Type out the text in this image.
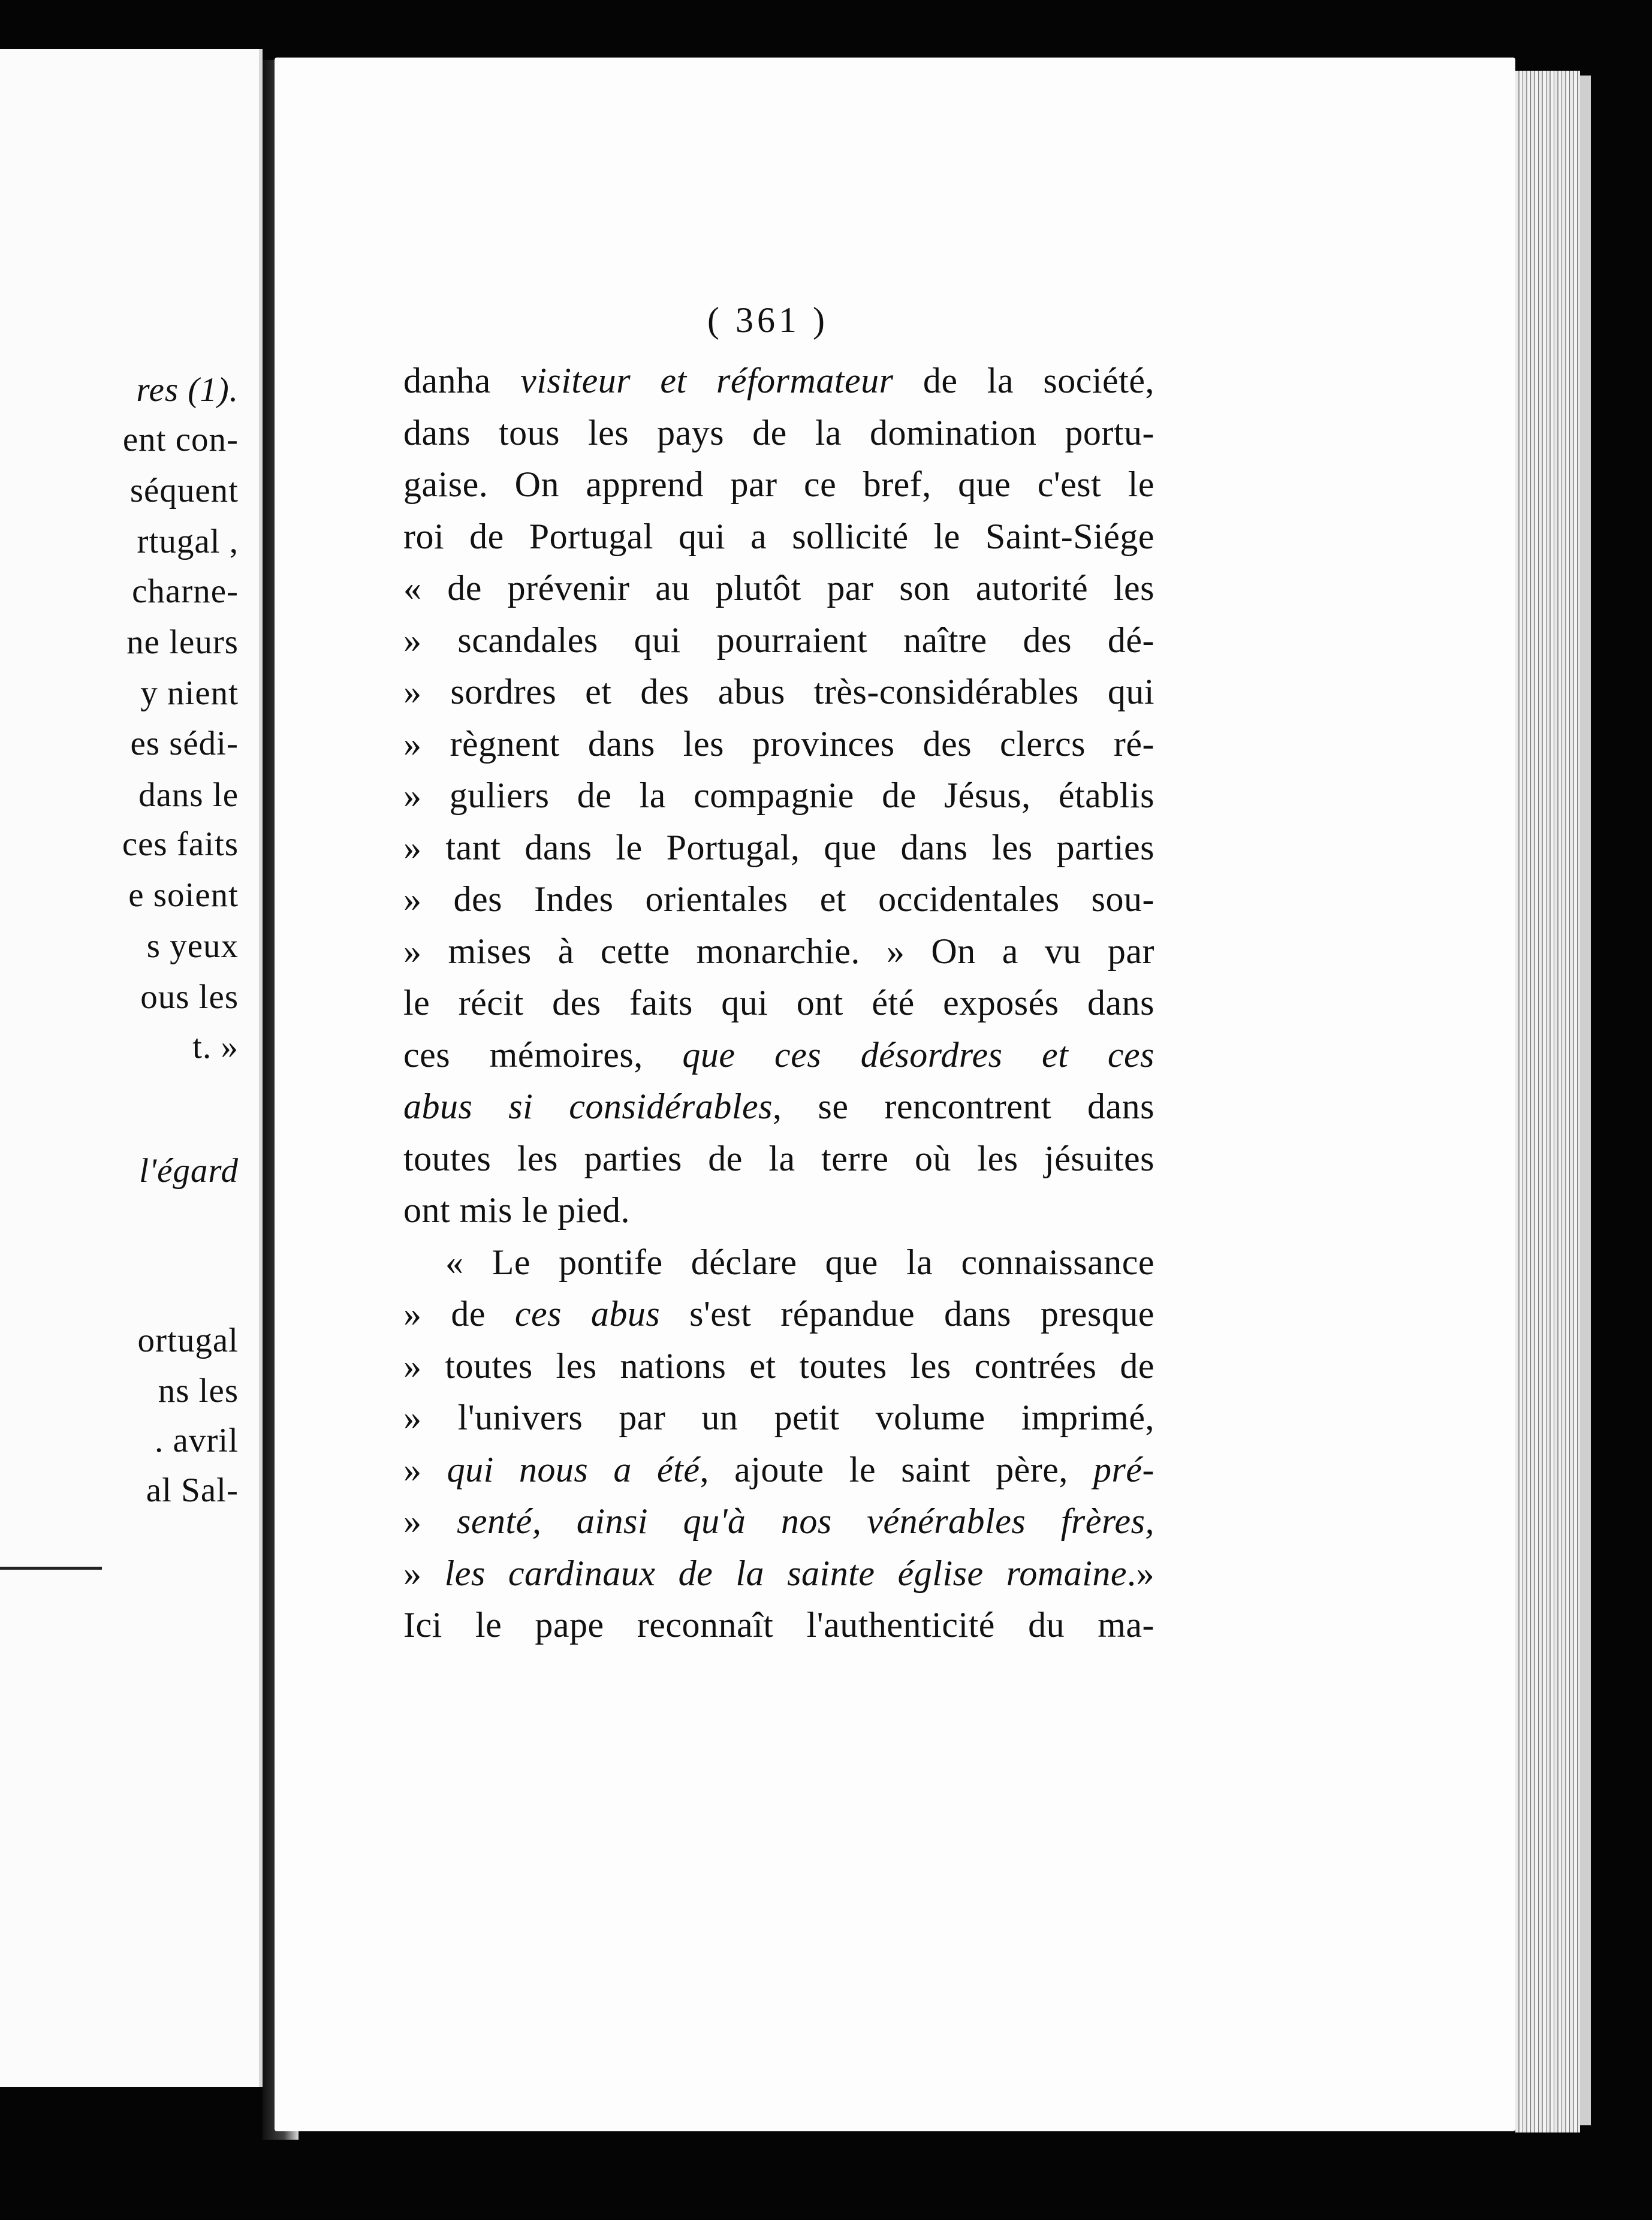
res (1).
ent con-
séquent
rtugal ,
charne-
ne leurs
y nient
es sédi-
dans le
ces faits
e soient
s yeux
ous les
t. »
l'égard
ortugal
ns les
. avril
al Sal-
( 361 )
danha visiteur et réformateur de la société,
dans tous les pays de la domination portu-
gaise. On apprend par ce bref, que c'est le
roi de Portugal qui a sollicité le Saint-Siége
« de prévenir au plutôt par son autorité les
» scandales qui pourraient naître des dé-
» sordres et des abus très-considérables qui
» règnent dans les provinces des clercs ré-
» guliers de la compagnie de Jésus, établis
» tant dans le Portugal, que dans les parties
» des Indes orientales et occidentales sou-
» mises à cette monarchie. » On a vu par
le récit des faits qui ont été exposés dans
ces mémoires, que ces désordres et ces
abus si considérables, se rencontrent dans
toutes les parties de la terre où les jésuites
ont mis le pied.
« Le pontife déclare que la connaissance
» de ces abus s'est répandue dans presque
» toutes les nations et toutes les contrées de
» l'univers par un petit volume imprimé,
» qui nous a été, ajoute le saint père, pré-
» senté, ainsi qu'à nos vénérables frères,
» les cardinaux de la sainte église romaine.»
Ici le pape reconnaît l'authenticité du ma-
